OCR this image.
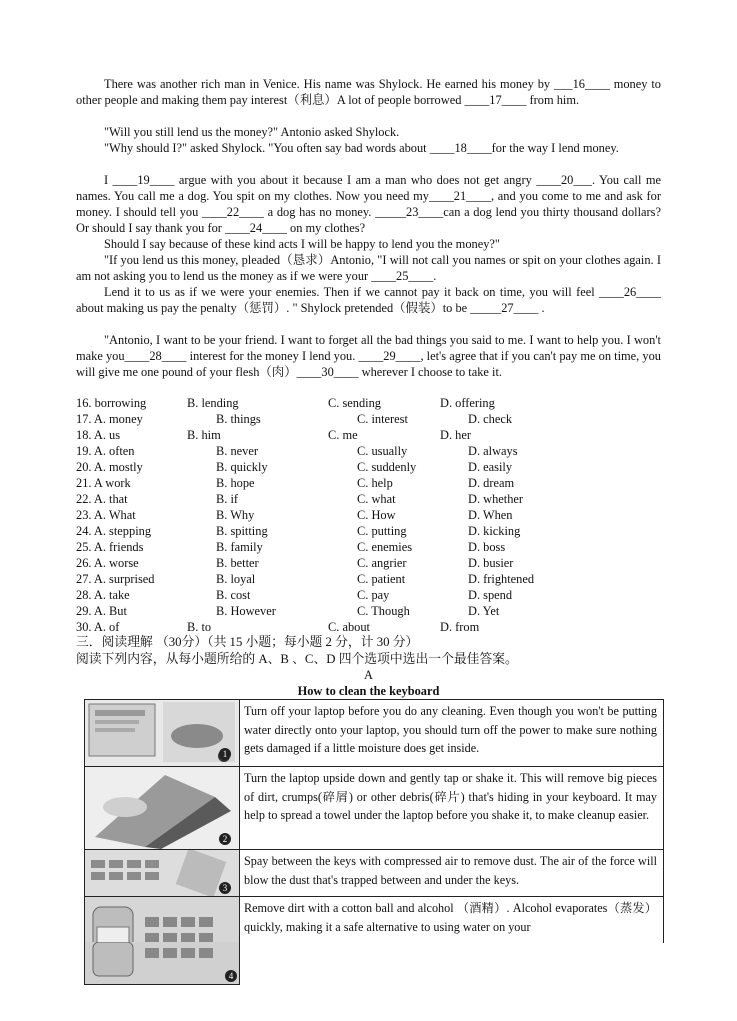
There was another rich man in Venice. His name was Shylock. He earned his money by ___16____ money to other people and making them pay interest（利息）A lot of people borrowed ____17____ from him.

"Will you still lend us the money?" Antonio asked Shylock.

"Why should I?" asked Shylock. "You often say bad words about ____18____for the way I lend money.

I ____19____ argue with you about it because I am a man who does not get angry ____20___. You call me names. You call me a dog. You spit on my clothes. Now you need my____21____, and you come to me and ask for money. I should tell you ____22____ a dog has no money. _____23____can a dog lend you thirty thousand dollars? Or should I say thank you for ____24____ on my clothes?

Should I say because of these kind acts I will be happy to lend you the money?"

"If you lend us this money, pleaded（恳求）Antonio, "I will not call you names or spit on your clothes again. I am not asking you to lend us the money as if we were your ____25____.

Lend it to us as if we were your enemies. Then if we cannot pay it back on time, you will feel ____26____ about making us pay the penalty（惩罚）. " Shylock pretended（假装）to be _____27____ .

"Antonio, I want to be your friend. I want to forget all the bad things you said to me. I want to help you. I won't make you____28____ interest for the money I lend you. ____29____, let's agree that if you can't pay me on time, you will give me one pound of your flesh（肉）____30____ wherever I choose to take it.

16. borrowing	B. lending	C. sending	D. offering
17. A. money	B. things	C. interest	D. check
18. A. us	B. him	C. me	D. her
19. A. often	B. never	C. usually	D. always
20. A. mostly	B. quickly	C. suddenly	D. easily
21. A work	B. hope	C. help	D. dream
22. A. that	B. if	C. what	D. whether
23. A. What	B. Why	C. How	D. When
24. A. stepping	B. spitting	C. putting	D. kicking
25. A. friends	B. family	C. enemies	D. boss
26. A. worse	B. better	C. angrier	D. busier
27. A. surprised	B. loyal	C. patient	D. frightened
28. A. take	B. cost	C. pay	D. spend
29. A. But	B. However	C. Though	D. Yet
30. A. of	B. to	C. about	D. from
三．阅读理解 （30分）（共 15 小题；每小题 2 分，计 30 分）
阅读下列内容，从每小题所给的 A、B 、C、D 四个选项中选出一个最佳答案。
A
How to clean the keyboard
1
Turn off your laptop before you do any cleaning. Even though you won't be putting water directly onto your laptop, you should turn off the power to make sure nothing gets damaged if a little moisture does get inside.
2
Turn the laptop upside down and gently tap or shake it. This will remove big pieces of dirt, crumps(碎屑) or other debris(碎片) that's hiding in your keyboard. It may help to spread a towel under the laptop before you shake it, to make cleanup easier.
3
Spay between the keys with compressed air to remove dust. The air of the force will blow the dust that's trapped between and under the keys.
Remove dirt with a cotton ball and alcohol （酒精）. Alcohol evaporates（蒸发） quickly, making it a safe alternative to using water on your
4
